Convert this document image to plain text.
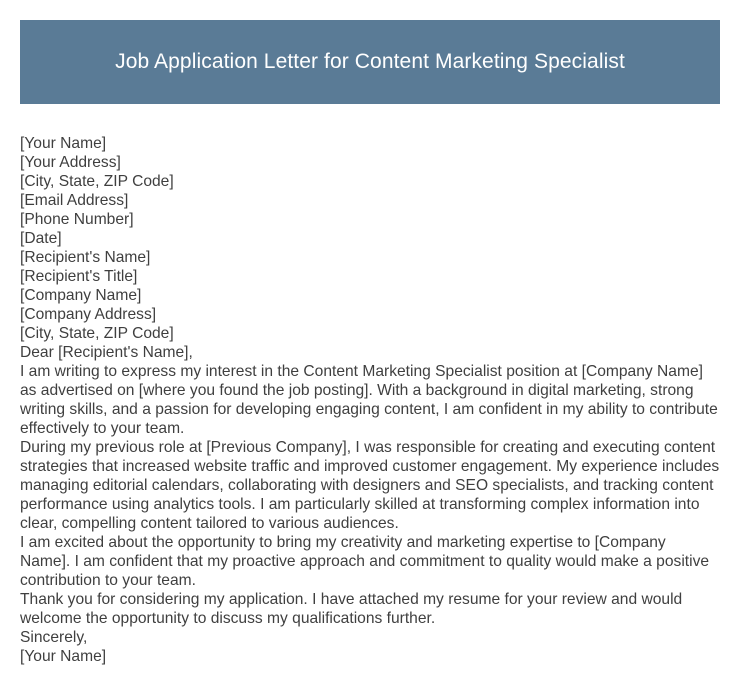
Job Application Letter for Content Marketing Specialist

[Your Name]

[Your Address]

[City, State, ZIP Code]

[Email Address]

[Phone Number]

[Date]

[Recipient's Name]

[Recipient's Title]

[Company Name]

[Company Address]

[City, State, ZIP Code]

Dear [Recipient's Name],

I am writing to express my interest in the Content Marketing Specialist position at [Company Name] as advertised on [where you found the job posting]. With a background in digital marketing, strong writing skills, and a passion for developing engaging content, I am confident in my ability to contribute effectively to your team.

During my previous role at [Previous Company], I was responsible for creating and executing content strategies that increased website traffic and improved customer engagement. My experience includes managing editorial calendars, collaborating with designers and SEO specialists, and tracking content performance using analytics tools. I am particularly skilled at transforming complex information into clear, compelling content tailored to various audiences.

I am excited about the opportunity to bring my creativity and marketing expertise to [Company Name]. I am confident that my proactive approach and commitment to quality would make a positive contribution to your team.

Thank you for considering my application. I have attached my resume for your review and would welcome the opportunity to discuss my qualifications further.

Sincerely,

[Your Name]
